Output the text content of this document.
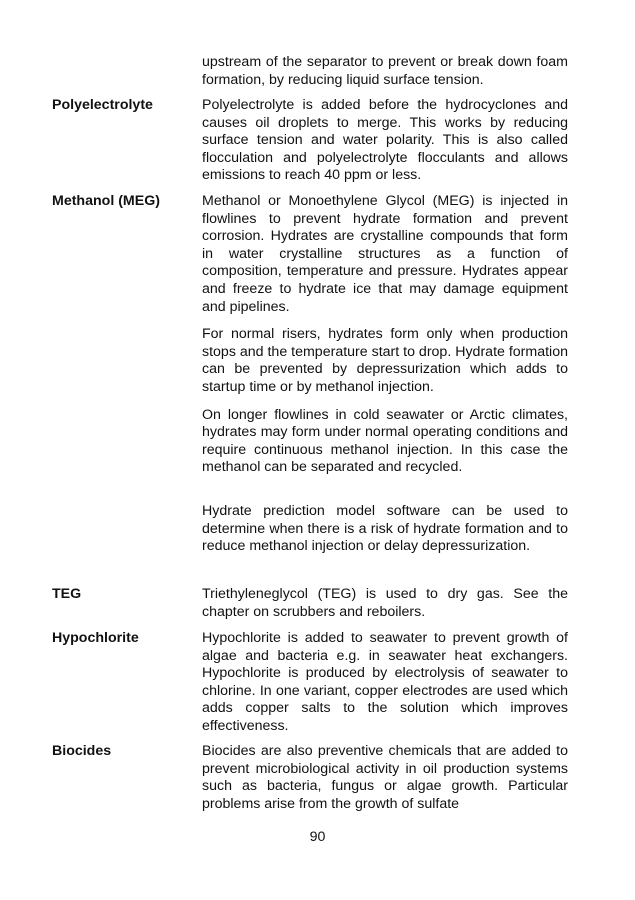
upstream of the separator to prevent or break down foam formation, by reducing liquid surface tension.

Polyelectrolyte	Polyelectrolyte is added before the hydrocyclones and causes oil droplets to merge. This works by reducing surface tension and water polarity. This is also called flocculation and polyelectrolyte flocculants and allows emissions to reach 40 ppm or less.

Methanol (MEG)	Methanol or Monoethylene Glycol (MEG) is injected in flowlines to prevent hydrate formation and prevent corrosion. Hydrates are crystalline compounds that form in water crystalline structures as a function of composition, temperature and pressure. Hydrates appear and freeze to hydrate ice that may damage equipment and pipelines.

For normal risers, hydrates form only when production stops and the temperature start to drop. Hydrate formation can be prevented by depressurization which adds to startup time or by methanol injection.

On longer flowlines in cold seawater or Arctic climates, hydrates may form under normal operating conditions and require continuous methanol injection. In this case the methanol can be separated and recycled.

Hydrate prediction model software can be used to determine when there is a risk of hydrate formation and to reduce methanol injection or delay depressurization.

TEG	Triethyleneglycol (TEG) is used to dry gas. See the chapter on scrubbers and reboilers.

Hypochlorite	Hypochlorite is added to seawater to prevent growth of algae and bacteria e.g. in seawater heat exchangers. Hypochlorite is produced by electrolysis of seawater to chlorine. In one variant, copper electrodes are used which adds copper salts to the solution which improves effectiveness.

Biocides	Biocides are also preventive chemicals that are added to prevent microbiological activity in oil production systems such as bacteria, fungus or algae growth. Particular problems arise from the growth of sulfate

90
